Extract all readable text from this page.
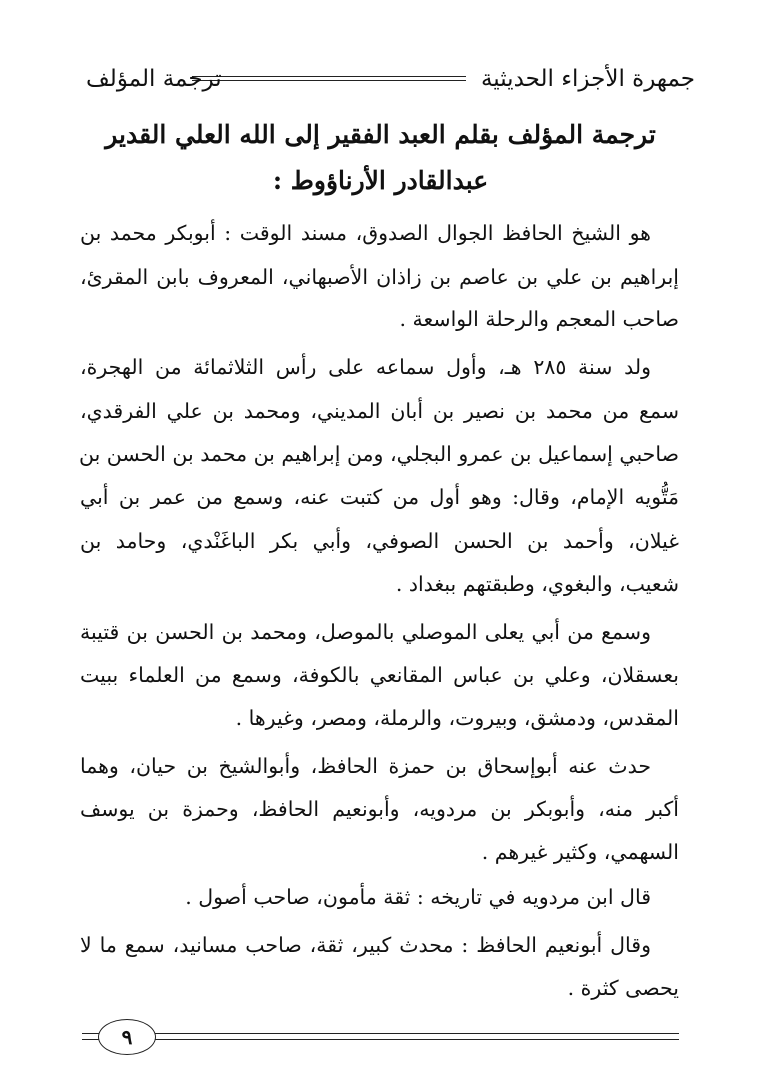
جمهرة الأجزاء الحديثية
ترجمة المؤلف
ترجمة المؤلف بقلم العبد الفقير إلى الله العلي القدير
عبدالقادر الأرناؤوط :
هو الشيخ الحافظ الجوال الصدوق، مسند الوقت : أبوبكر محمد بن
إبراهيم بن علي بن عاصم بن زاذان الأصبهاني، المعروف بابن المقرئ،
صاحب المعجم والرحلة الواسعة .
ولد سنة ٢٨٥ هـ، وأول سماعه على رأس الثلاثمائة من الهجرة،
سمع من محمد بن نصير بن أبان المديني، ومحمد بن علي الفرقدي،
صاحبي إسماعيل بن عمرو البجلي، ومن إبراهيم بن محمد بن الحسن بن
مَتُّويه الإمام، وقال: وهو أول من كتبت عنه، وسمع من عمر بن أبي
غيلان، وأحمد بن الحسن الصوفي، وأبي بكر الباغَنْدي، وحامد بن
شعيب، والبغوي، وطبقتهم ببغداد .
وسمع من أبي يعلى الموصلي بالموصل، ومحمد بن الحسن بن قتيبة
بعسقلان، وعلي بن عباس المقانعي بالكوفة، وسمع من العلماء ببيت
المقدس، ودمشق، وبيروت، والرملة، ومصر، وغيرها .
حدث عنه أبوإسحاق بن حمزة الحافظ، وأبوالشيخ بن حيان، وهما
أكبر منه، وأبوبكر بن مردويه، وأبونعيم الحافظ، وحمزة بن يوسف
السهمي، وكثير غيرهم .
قال ابن مردويه في تاريخه : ثقة مأمون، صاحب أصول .
وقال أبونعيم الحافظ : محدث كبير، ثقة، صاحب مسانيد، سمع ما لا
يحصى كثرة .
٩
